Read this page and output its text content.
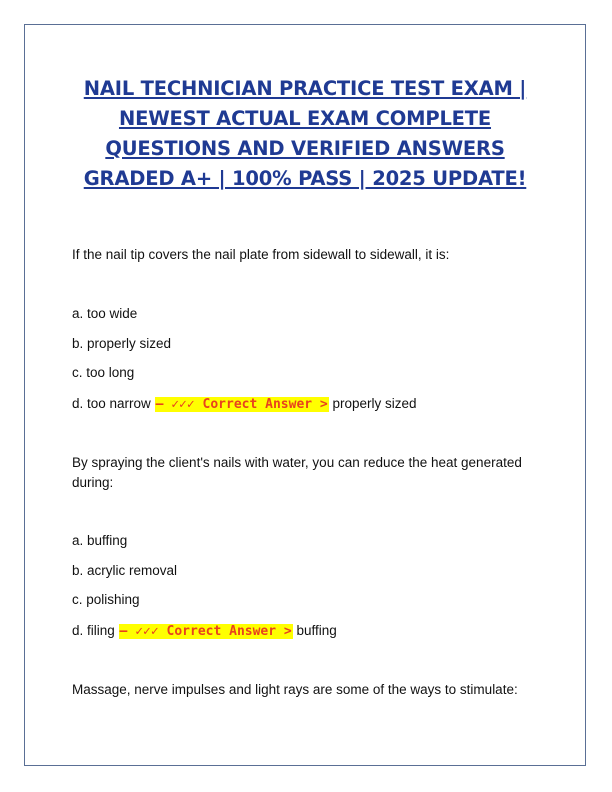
NAIL TECHNICIAN PRACTICE TEST EXAM | NEWEST ACTUAL EXAM COMPLETE QUESTIONS AND VERIFIED ANSWERS GRADED A+ | 100% PASS | 2025 UPDATE!
If the nail tip covers the nail plate from sidewall to sidewall, it is:
a. too wide
b. properly sized
c. too long
d. too narrow – ✓✓✓ Correct Answer > properly sized
By spraying the client's nails with water, you can reduce the heat generated during:
a. buffing
b. acrylic removal
c. polishing
d. filing – ✓✓✓ Correct Answer > buffing
Massage, nerve impulses and light rays are some of the ways to stimulate:
